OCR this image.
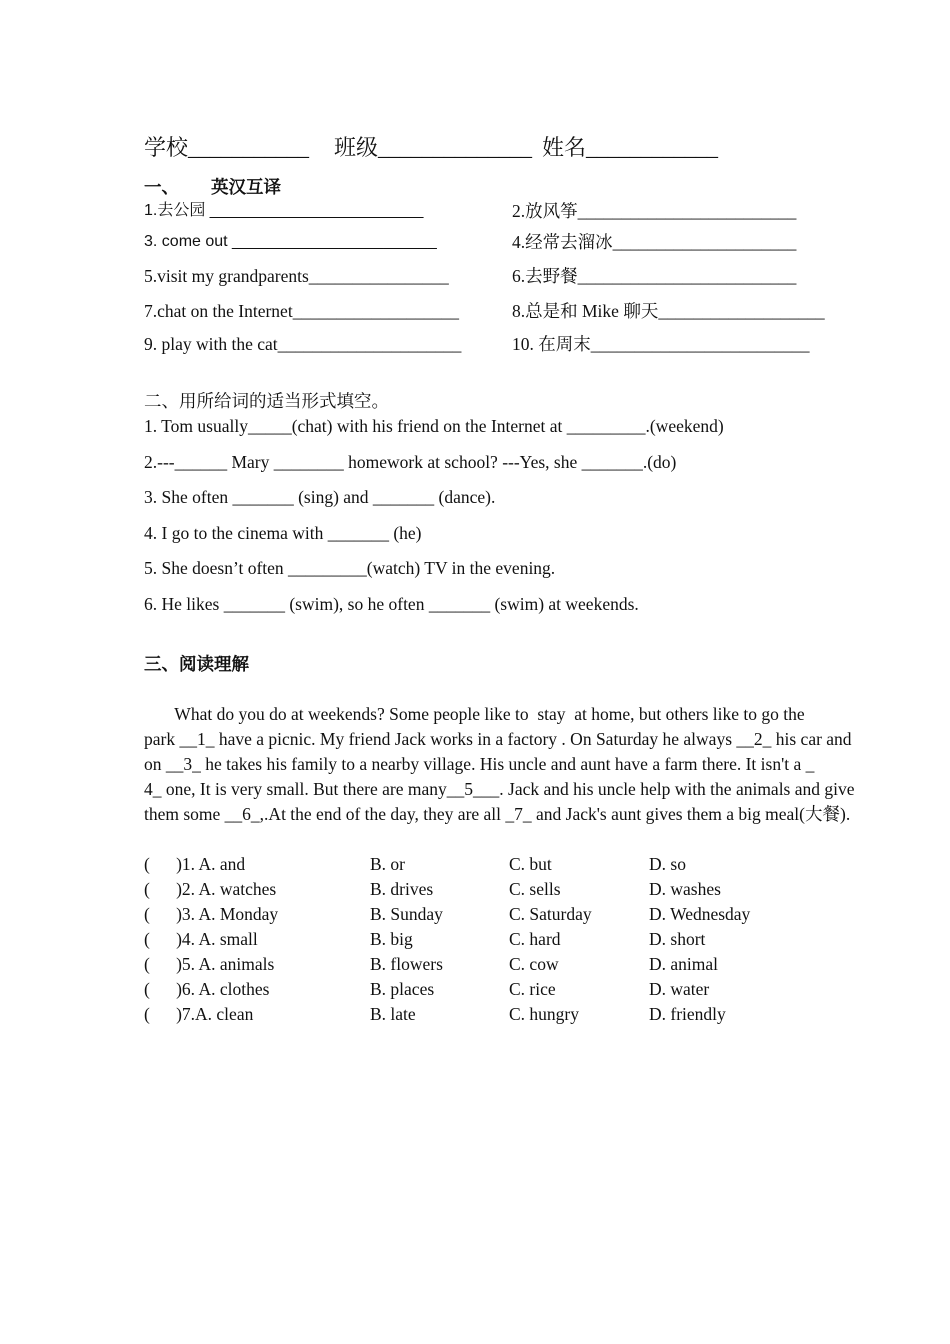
学校___________ 班级______________ 姓名____________
一、 英汉互译
1.去公园 ________________________	2.放风筝_________________________
3. come out _______________________	4.经常去溜冰_____________________
5.visit my grandparents________________	6.去野餐_________________________
7.chat on the Internet___________________	8.总是和 Mike 聊天___________________
9. play with the cat_____________________	10. 在周末_________________________
二、用所给词的适当形式填空。
1. Tom usually_____(chat) with his friend on the Internet at _________.(weekend)
2.---______ Mary ________ homework at school? ---Yes, she _______.(do)
3. She often _______ (sing) and _______ (dance).
4. I go to the cinema with _______ (he)
5. She doesn’t often _________(watch) TV in the evening.
6. He likes _______ (swim), so he often _______ (swim) at weekends.
三、阅读理解

What do you do at weekends? Some people like to  stay  at home, but others like to go the

park __1_ have a picnic. My friend Jack works in a factory . On Saturday he always __2_ his car and

on __3_ he takes his family to a nearby village. His uncle and aunt have a farm there. It isn't a _

4_ one, It is very small. But there are many__5___. Jack and his uncle help with the animals and give

them some __6_,.At the end of the day, they are all _7_ and Jack's aunt gives them a big meal(大餐).

(      )1. A. and	B. or	C. but	D. so
(      )2. A. watches	B. drives	C. sells	D. washes
(      )3. A. Monday	B. Sunday	C. Saturday	D. Wednesday
(      )4. A. small	B. big	C. hard	D. short
(      )5. A. animals	B. flowers	C. cow	D. animal
(      )6. A. clothes	B. places	C. rice	D. water
(      )7.A. clean	B. late	C. hungry	D. friendly
